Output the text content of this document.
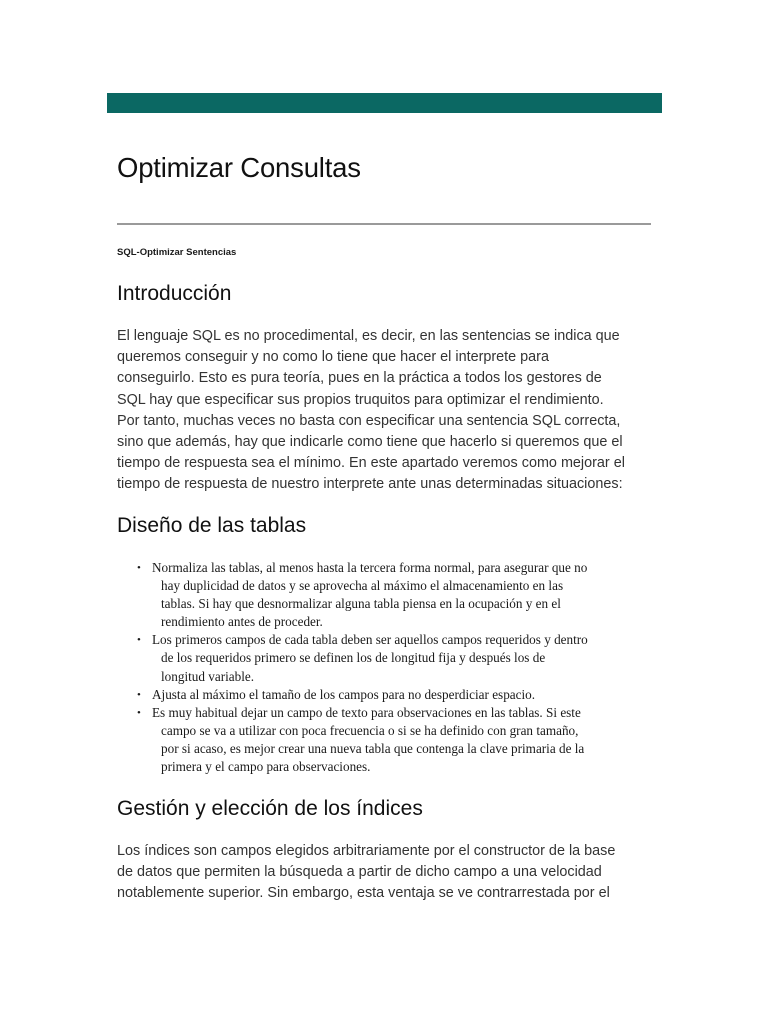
Optimizar Consultas

SQL-Optimizar Sentencias

Introducción
El lenguaje SQL es no procedimental, es decir, en las sentencias se indica que
queremos conseguir y no como lo tiene que hacer el interprete para
conseguirlo. Esto es pura teoría, pues en la práctica a todos los gestores de
SQL hay que especificar sus propios truquitos para optimizar el rendimiento.
Por tanto, muchas veces no basta con especificar una sentencia SQL correcta,
sino que además, hay que indicarle como tiene que hacerlo si queremos que el
tiempo de respuesta sea el mínimo. En este apartado veremos como mejorar el
tiempo de respuesta de nuestro interprete ante unas determinadas situaciones:
Diseño de las tablas
• Normaliza las tablas, al menos hasta la tercera forma normal, para asegurar que no
hay duplicidad de datos y se aprovecha al máximo el almacenamiento en las
tablas. Si hay que desnormalizar alguna tabla piensa en la ocupación y en el
rendimiento antes de proceder.
• Los primeros campos de cada tabla deben ser aquellos campos requeridos y dentro
de los requeridos primero se definen los de longitud fija y después los de
longitud variable.
• Ajusta al máximo el tamaño de los campos para no desperdiciar espacio.
• Es muy habitual dejar un campo de texto para observaciones en las tablas. Si este
campo se va a utilizar con poca frecuencia o si se ha definido con gran tamaño,
por si acaso, es mejor crear una nueva tabla que contenga la clave primaria de la
primera y el campo para observaciones.
Gestión y elección de los índices
Los índices son campos elegidos arbitrariamente por el constructor de la base
de datos que permiten la búsqueda a partir de dicho campo a una velocidad
notablemente superior. Sin embargo, esta ventaja se ve contrarrestada por el
